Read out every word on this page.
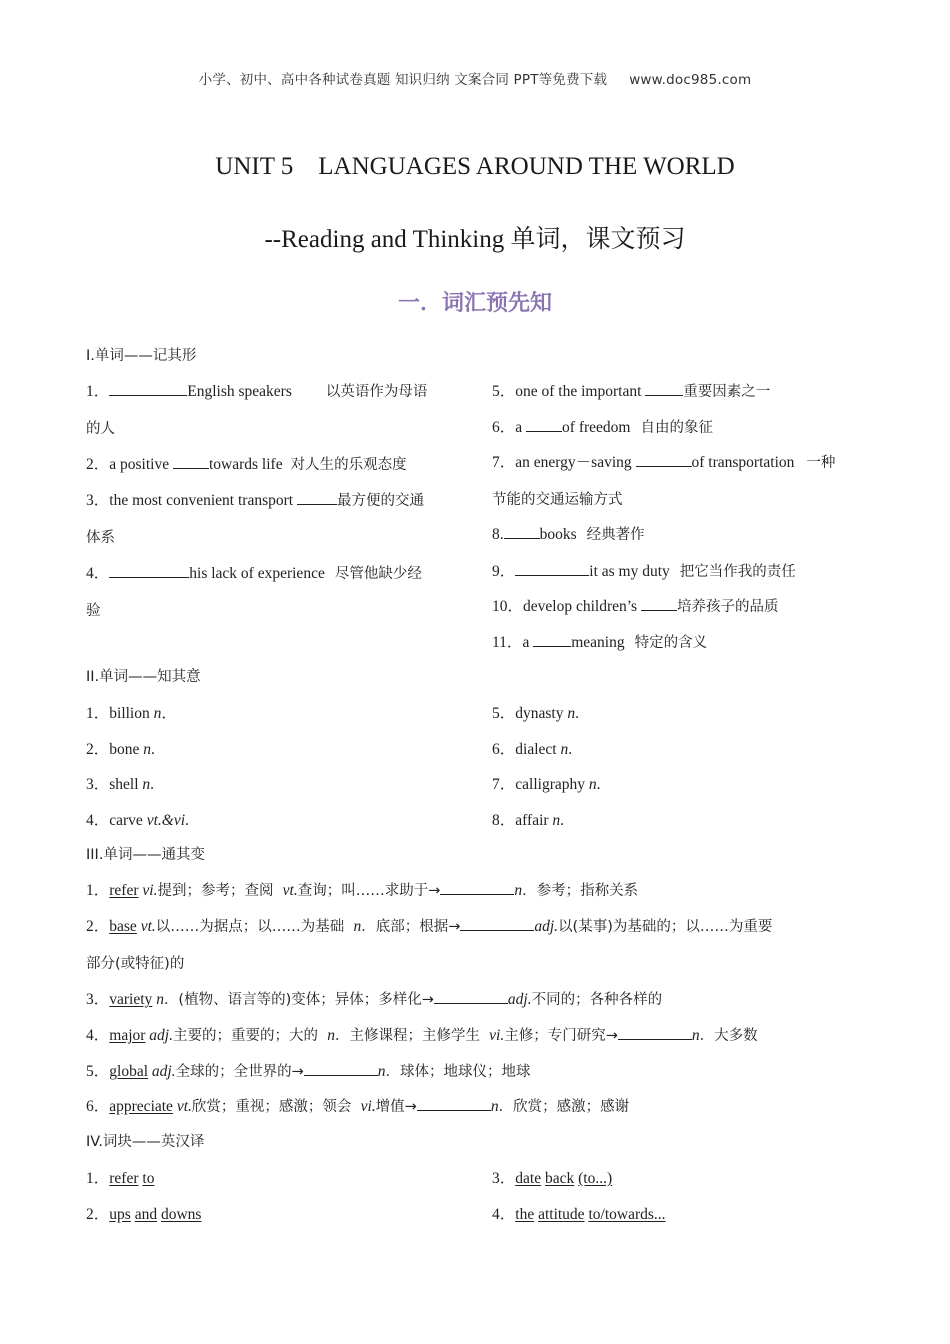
小学、初中、高中各种试卷真题 知识归纳 文案合同 PPT等免费下载 www.doc985.com
UNIT 5    LANGUAGES AROUND THE WORLD
--Reading and Thinking 单词，课文预习
一．词汇预先知
I.单词——记其形
1．	English speakers 以英语作为母语
的人
2．a positive towards life 对人生的乐观态度
3．the most convenient transport	最方便的交通
体系
4．	his lack of experience 尽管他缺少经
验
5．one of the important	重要因素之一
6．a of freedom 自由的象征
7．an energy－saving	of transportation 一种
节能的交通运输方式
8. books 经典著作
9．	it as my duty 把它当作我的责任
10．develop children’s 培养孩子的品质
11．a meaning 特定的含义
II.单词——知其意
1．billion n．
2．bone n.
3．shell n.
4．carve vt.&vi.
5．dynasty n.
6．dialect n.
7．calligraphy n.
8．affair n.
III.单词——通其变
1．refer vi.提到；参考；查阅  vt.查询；叫……求助于→	n．参考；指称关系
2．base vt.以……为据点；以……为基础  n．底部；根据→	adj.以(某事)为基础的；以……为重要
部分(或特征)的
3．variety n．(植物、语言等的)变体；异体；多样化→	adj.不同的；各种各样的
4．major adj.主要的；重要的；大的  n．主修课程；主修学生  vi.主修；专门研究→	n．大多数
5．global adj.全球的；全世界的→	n．球体；地球仪；地球
6．appreciate vt.欣赏；重视；感激；领会  vi.增值→	n．欣赏；感激；感谢
IV.词块——英汉译
1．refer to
2．ups and downs
3．date back (to...)
4．the attitude to/towards...
